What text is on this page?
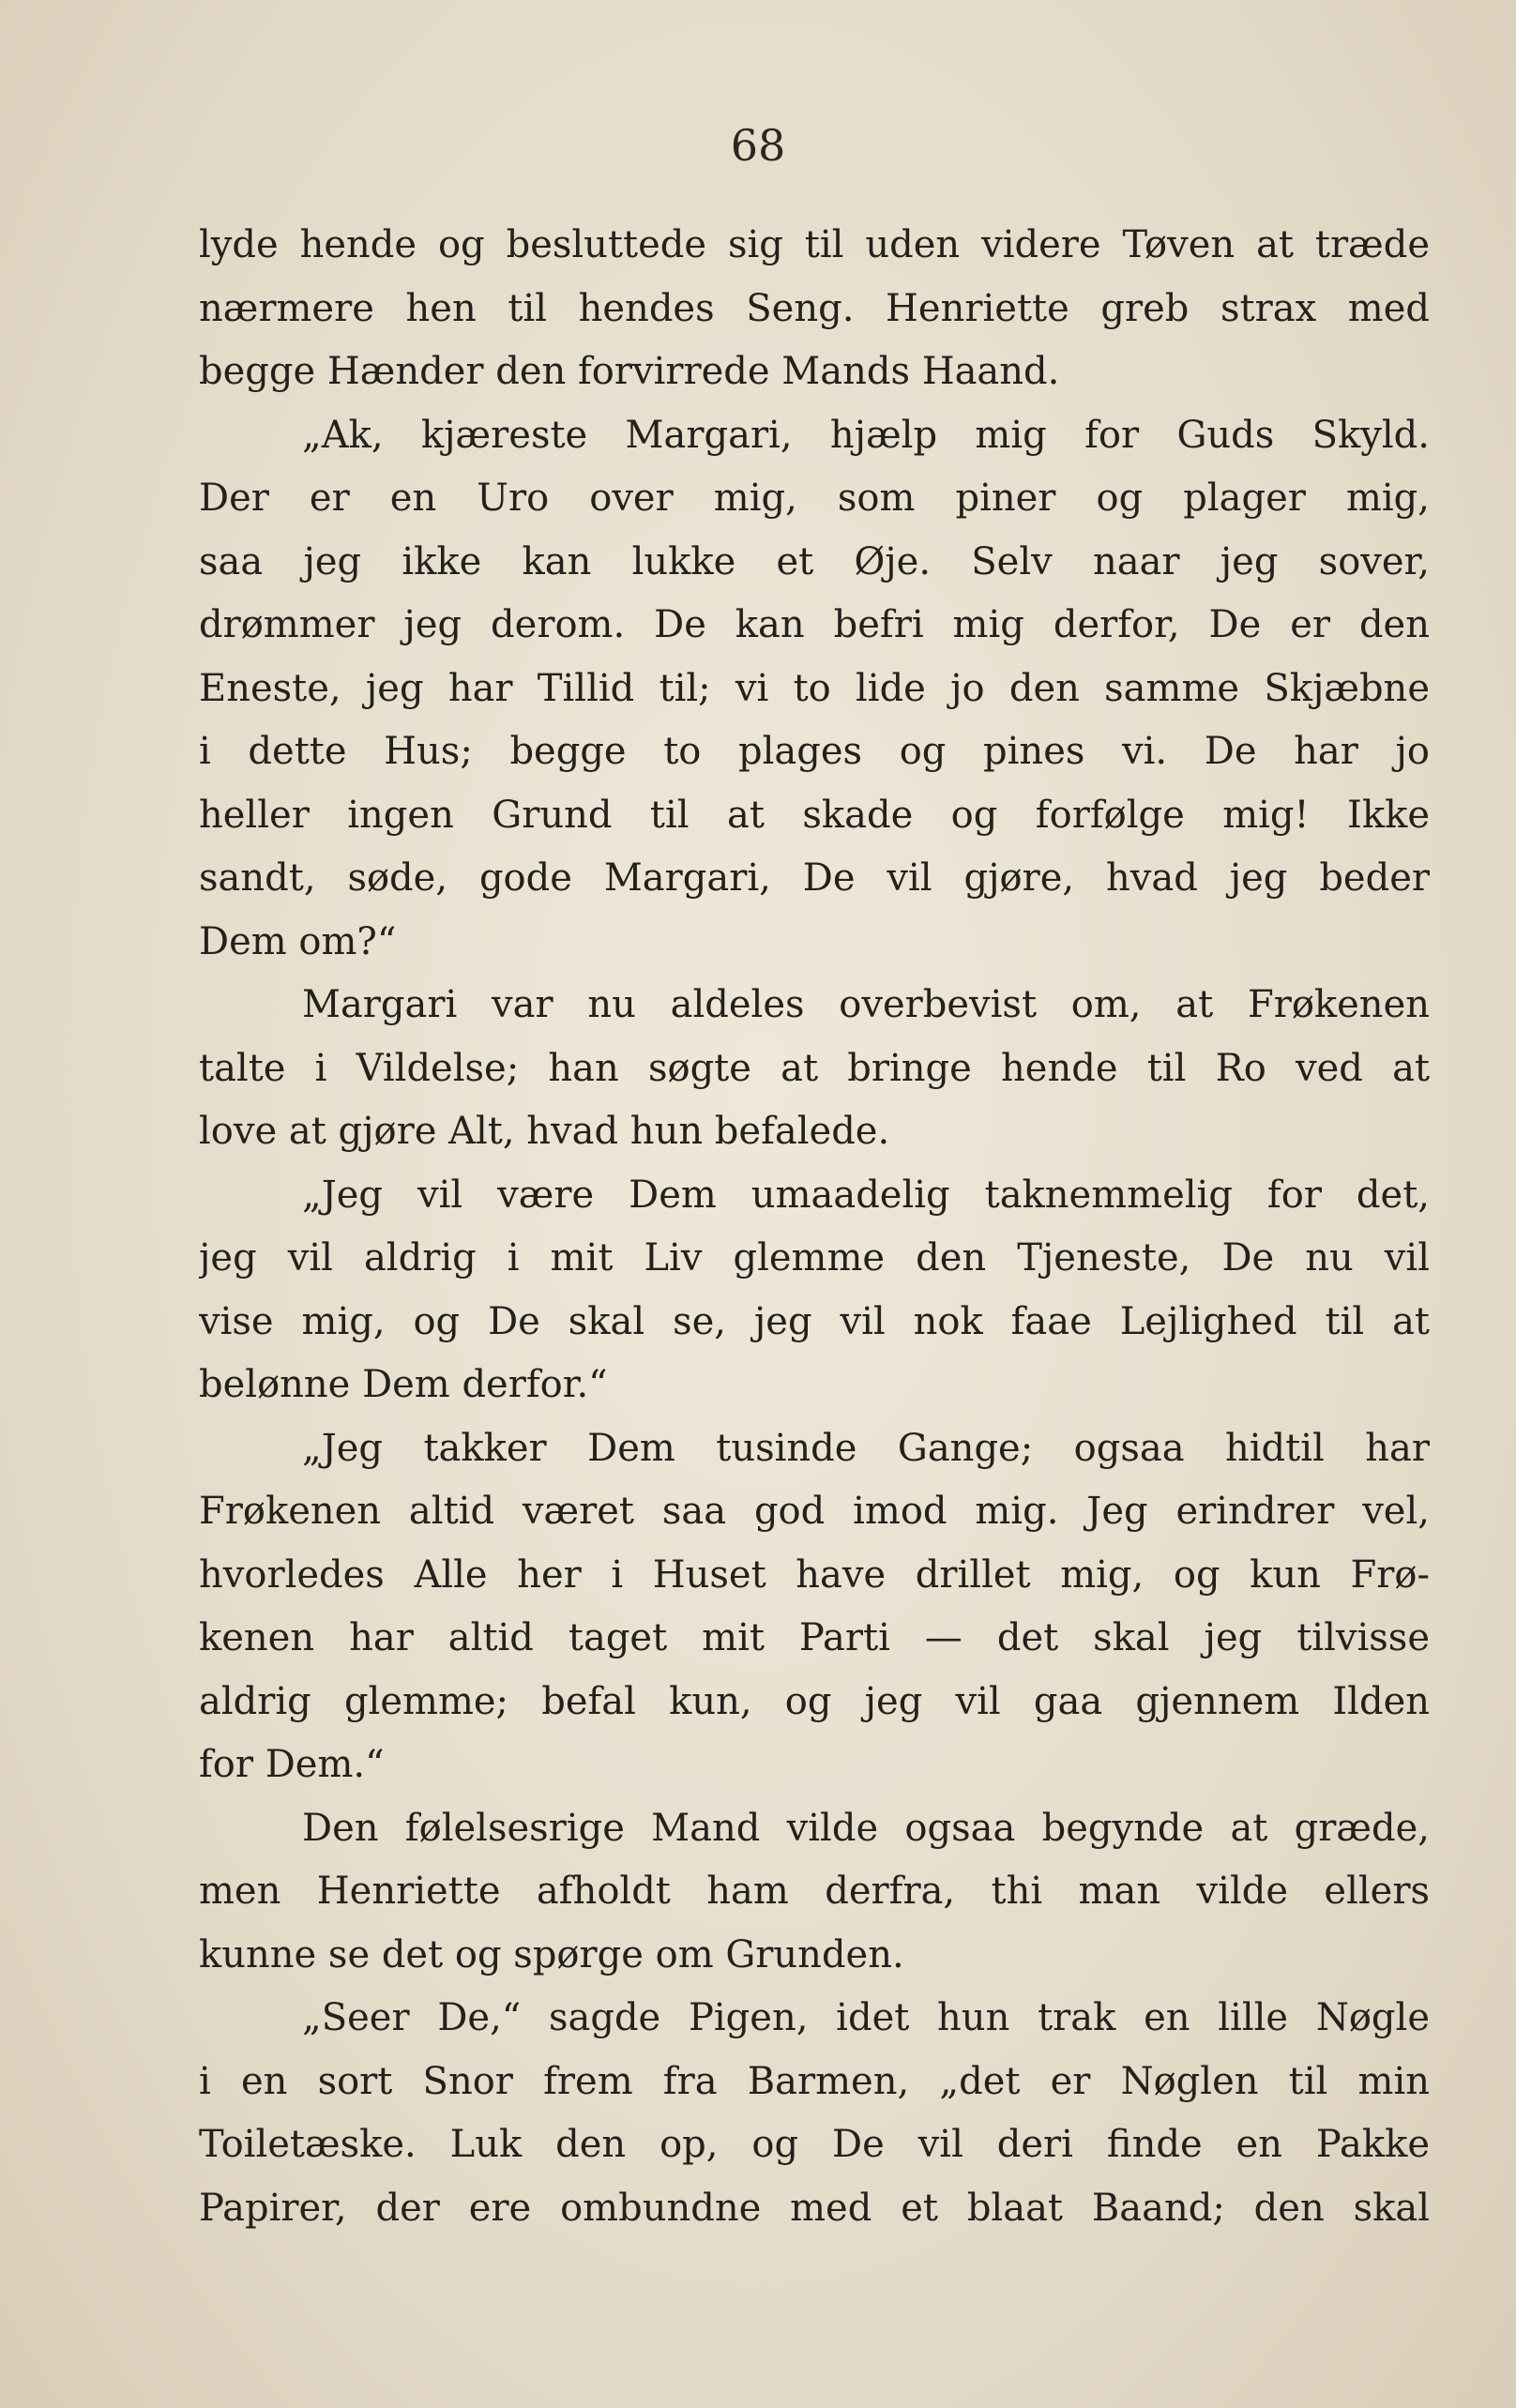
68
lyde hende og besluttede sig til uden videre Tøven at træde
nærmere hen til hendes Seng. Henriette greb strax med
begge Hænder den forvirrede Mands Haand.
„Ak, kjæreste Margari, hjælp mig for Guds Skyld.
Der er en Uro over mig, som piner og plager mig,
saa jeg ikke kan lukke et Øje. Selv naar jeg sover,
drømmer jeg derom. De kan befri mig derfor, De er den
Eneste, jeg har Tillid til; vi to lide jo den samme Skjæbne
i dette Hus; begge to plages og pines vi. De har jo
heller ingen Grund til at skade og forfølge mig! Ikke
sandt, søde, gode Margari, De vil gjøre, hvad jeg beder
Dem om?“
Margari var nu aldeles overbevist om, at Frøkenen
talte i Vildelse; han søgte at bringe hende til Ro ved at
love at gjøre Alt, hvad hun befalede.
„Jeg vil være Dem umaadelig taknemmelig for det,
jeg vil aldrig i mit Liv glemme den Tjeneste, De nu vil
vise mig, og De skal se, jeg vil nok faae Lejlighed til at
belønne Dem derfor.“
„Jeg takker Dem tusinde Gange; ogsaa hidtil har
Frøkenen altid været saa god imod mig. Jeg erindrer vel,
hvorledes Alle her i Huset have drillet mig, og kun Frø-
kenen har altid taget mit Parti — det skal jeg tilvisse
aldrig glemme; befal kun, og jeg vil gaa gjennem Ilden
for Dem.“
Den følelsesrige Mand vilde ogsaa begynde at græde,
men Henriette afholdt ham derfra, thi man vilde ellers
kunne se det og spørge om Grunden.
„Seer De,“ sagde Pigen, idet hun trak en lille Nøgle
i en sort Snor frem fra Barmen, „det er Nøglen til min
Toiletæske. Luk den op, og De vil deri finde en Pakke
Papirer, der ere ombundne med et blaat Baand; den skal
